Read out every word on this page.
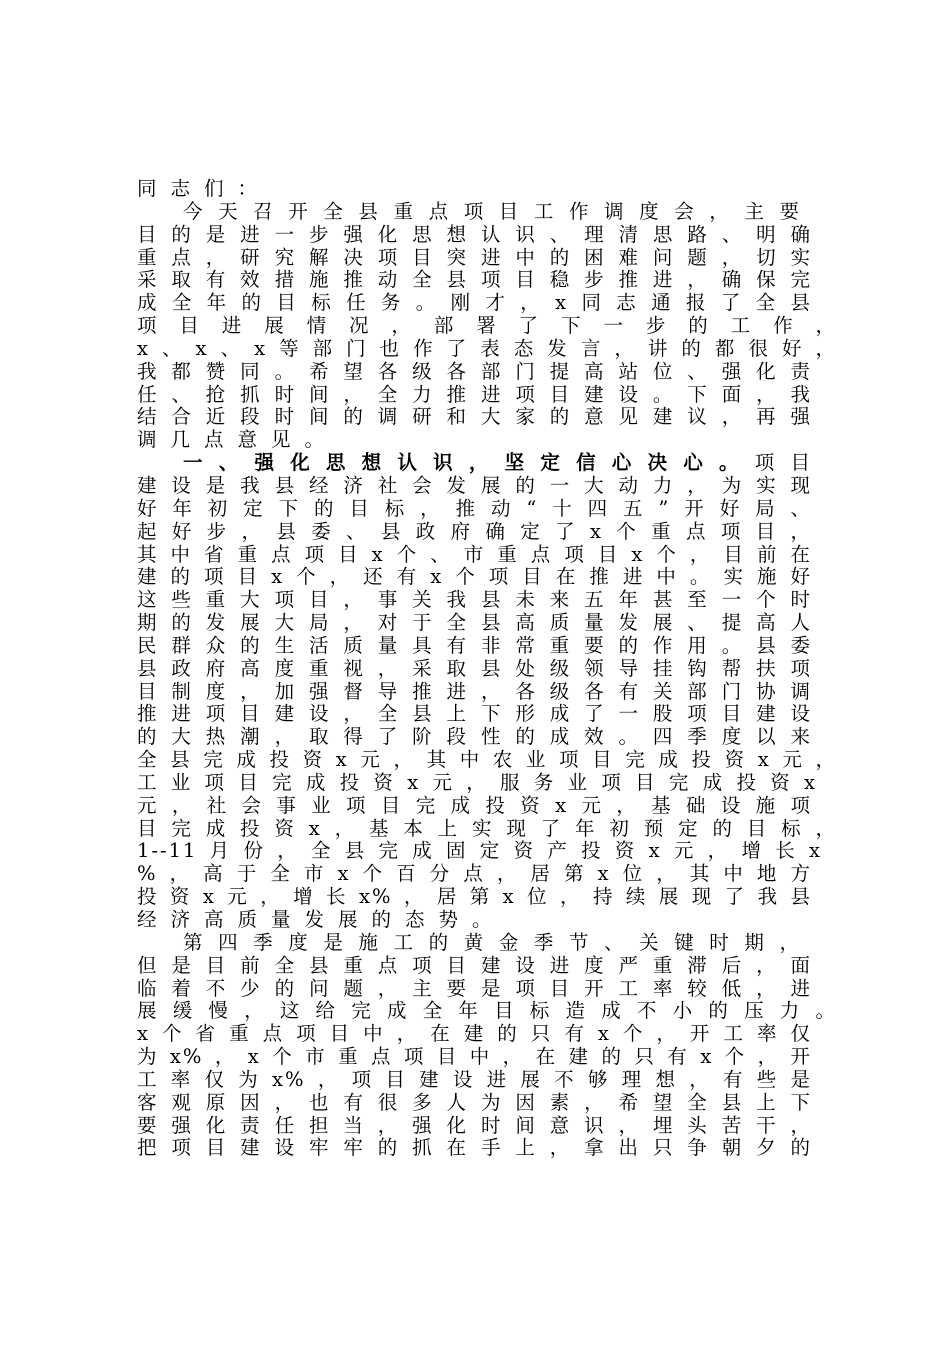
同志们：
今天召开全县重点项目工作调度会，主要
目的是进一步强化思想认识、理清思路、明确
重点，研究解决项目突进中的困难问题，切实
采取有效措施推动全县项目稳步推进，确保完
成全年的目标任务。刚才，x同志通报了全县
项目进展情况，部署了下一步的工作，
x、x、x等部门也作了表态发言，讲的都很好，
我都赞同。希望各级各部门提高站位、强化责
任、抢抓时间，全力推进项目建设。下面，我
结合近段时间的调研和大家的意见建议，再强
调几点意见。
一、强化思想认识，坚定信心决心。项目
建设是我县经济社会发展的一大动力，为实现
好年初定下的目标，推动“十四五”开好局、
起好步，县委、县政府确定了x个重点项目，
其中省重点项目x个、市重点项目x个，目前在
建的项目x个，还有x个项目在推进中。实施好
这些重大项目，事关我县未来五年甚至一个时
期的发展大局，对于全县高质量发展、提高人
民群众的生活质量具有非常重要的作用。县委
县政府高度重视，采取县处级领导挂钩帮扶项
目制度，加强督导推进，各级各有关部门协调
推进项目建设，全县上下形成了一股项目建设
的大热潮，取得了阶段性的成效。四季度以来
全县完成投资x元，其中农业项目完成投资x元，
工业项目完成投资x元，服务业项目完成投资x
元，社会事业项目完成投资x元，基础设施项
目完成投资x，基本上实现了年初预定的目标，
1--11月份，全县完成固定资产投资x元，增长x
%，高于全市x个百分点，居第x位，其中地方
投资x元，增长x%，居第x位，持续展现了我县
经济高质量发展的态势。
第四季度是施工的黄金季节、关键时期，
但是目前全县重点项目建设进度严重滞后，面
临着不少的问题，主要是项目开工率较低，进
展缓慢，这给完成全年目标造成不小的压力。
x个省重点项目中，在建的只有x个，开工率仅
为x%，x个市重点项目中，在建的只有x个，开
工率仅为x%，项目建设进展不够理想，有些是
客观原因，也有很多人为因素，希望全县上下
要强化责任担当，强化时间意识，埋头苦干，
把项目建设牢牢的抓在手上，拿出只争朝夕的
